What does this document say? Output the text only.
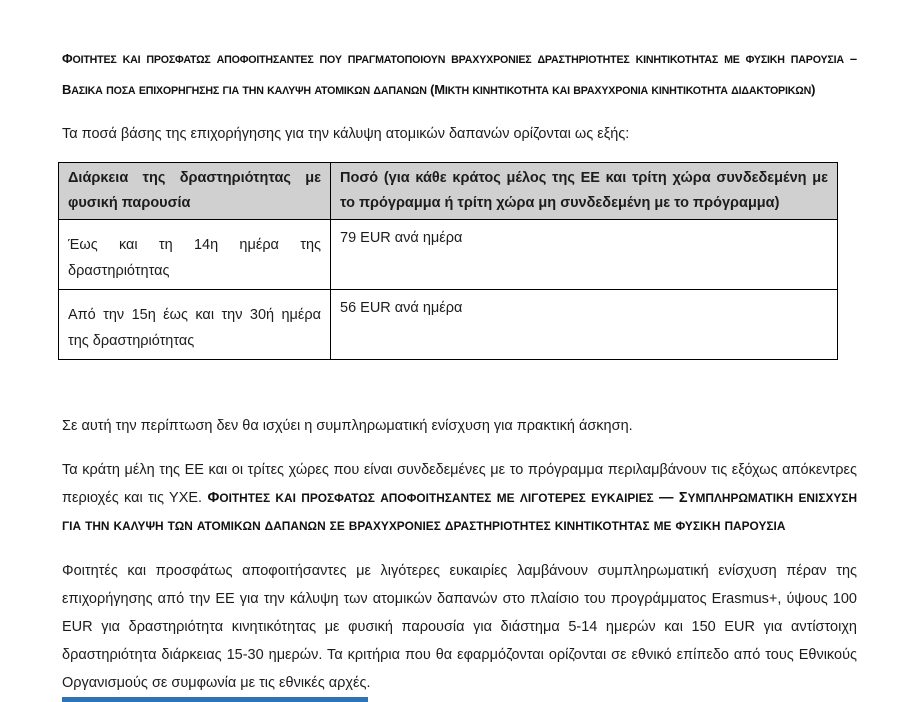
ΦΟΙΤΗΤΕΣ ΚΑΙ ΠΡΟΣΦΑΤΩΣ ΑΠΟΦΟΙΤΗΣΑΝΤΕΣ ΠΟΥ ΠΡΑΓΜΑΤΟΠΟΙΟΥΝ ΒΡΑΧΥΧΡΟΝΙΕΣ ΔΡΑΣΤΗΡΙΟΤΗΤΕΣ ΚΙΝΗΤΙΚΟΤΗΤΑΣ ΜΕ ΦΥΣΙΚΗ ΠΑΡΟΥΣΙΑ –
ΒΑΣΙΚΑ ΠΟΣΑ ΕΠΙΧΟΡΗΓΗΣΗΣ ΓΙΑ ΤΗΝ ΚΑΛΥΨΗ ΑΤΟΜΙΚΩΝ ΔΑΠΑΝΩΝ (ΜΙΚΤΗ ΚΙΝΗΤΙΚΟΤΗΤΑ ΚΑΙ ΒΡΑΧΥΧΡΟΝΙΑ ΚΙΝΗΤΙΚΟΤΗΤΑ ΔΙΔΑΚΤΟΡΙΚΩΝ)

Τα ποσά βάσης της επιχορήγησης για την κάλυψη ατομικών δαπανών ορίζονται ως εξής:

Διάρκεια της δραστηριότητας με φυσική παρουσία	Ποσό (για κάθε κράτος μέλος της ΕΕ και τρίτη χώρα συνδεδεμένη με το πρόγραμμα ή τρίτη χώρα μη συνδεδεμένη με το πρόγραμμα)
Έως και τη 14η ημέρα της δραστηριότητας	79 EUR ανά ημέρα
Από την 15η έως και την 30ή ημέρα της δραστηριότητας	56 EUR ανά ημέρα

Σε αυτή την περίπτωση δεν θα ισχύει η συμπληρωματική ενίσχυση για πρακτική άσκηση.

Τα κράτη μέλη της ΕΕ και οι τρίτες χώρες που είναι συνδεδεμένες με το πρόγραμμα περιλαμβάνουν τις εξόχως απόκεντρες περιοχές και τις ΥΧΕ. ΦΟΙΤΗΤΕΣ ΚΑΙ ΠΡΟΣΦΑΤΩΣ ΑΠΟΦΟΙΤΗΣΑΝΤΕΣ ΜΕ ΛΙΓΟΤΕΡΕΣ ΕΥΚΑΙΡΙΕΣ — ΣΥΜΠΛΗΡΩΜΑΤΙΚΗ ΕΝΙΣΧΥΣΗ ΓΙΑ ΤΗΝ ΚΑΛΥΨΗ ΤΩΝ ΑΤΟΜΙΚΩΝ ΔΑΠΑΝΩΝ ΣΕ ΒΡΑΧΥΧΡΟΝΙΕΣ ΔΡΑΣΤΗΡΙΟΤΗΤΕΣ ΚΙΝΗΤΙΚΟΤΗΤΑΣ ΜΕ ΦΥΣΙΚΗ ΠΑΡΟΥΣΙΑ

Φοιτητές και προσφάτως αποφοιτήσαντες με λιγότερες ευκαιρίες λαμβάνουν συμπληρωματική ενίσχυση πέραν της επιχορήγησης από την ΕΕ για την κάλυψη των ατομικών δαπανών στο πλαίσιο του προγράμματος Erasmus+, ύψους 100 EUR για δραστηριότητα κινητικότητας με φυσική παρουσία για διάστημα 5-14 ημερών και 150 EUR για αντίστοιχη δραστηριότητα διάρκειας 15-30 ημερών. Τα κριτήρια που θα εφαρμόζονται ορίζονται σε εθνικό επίπεδο από τους Εθνικούς Οργανισμούς σε συμφωνία με τις εθνικές αρχές.
